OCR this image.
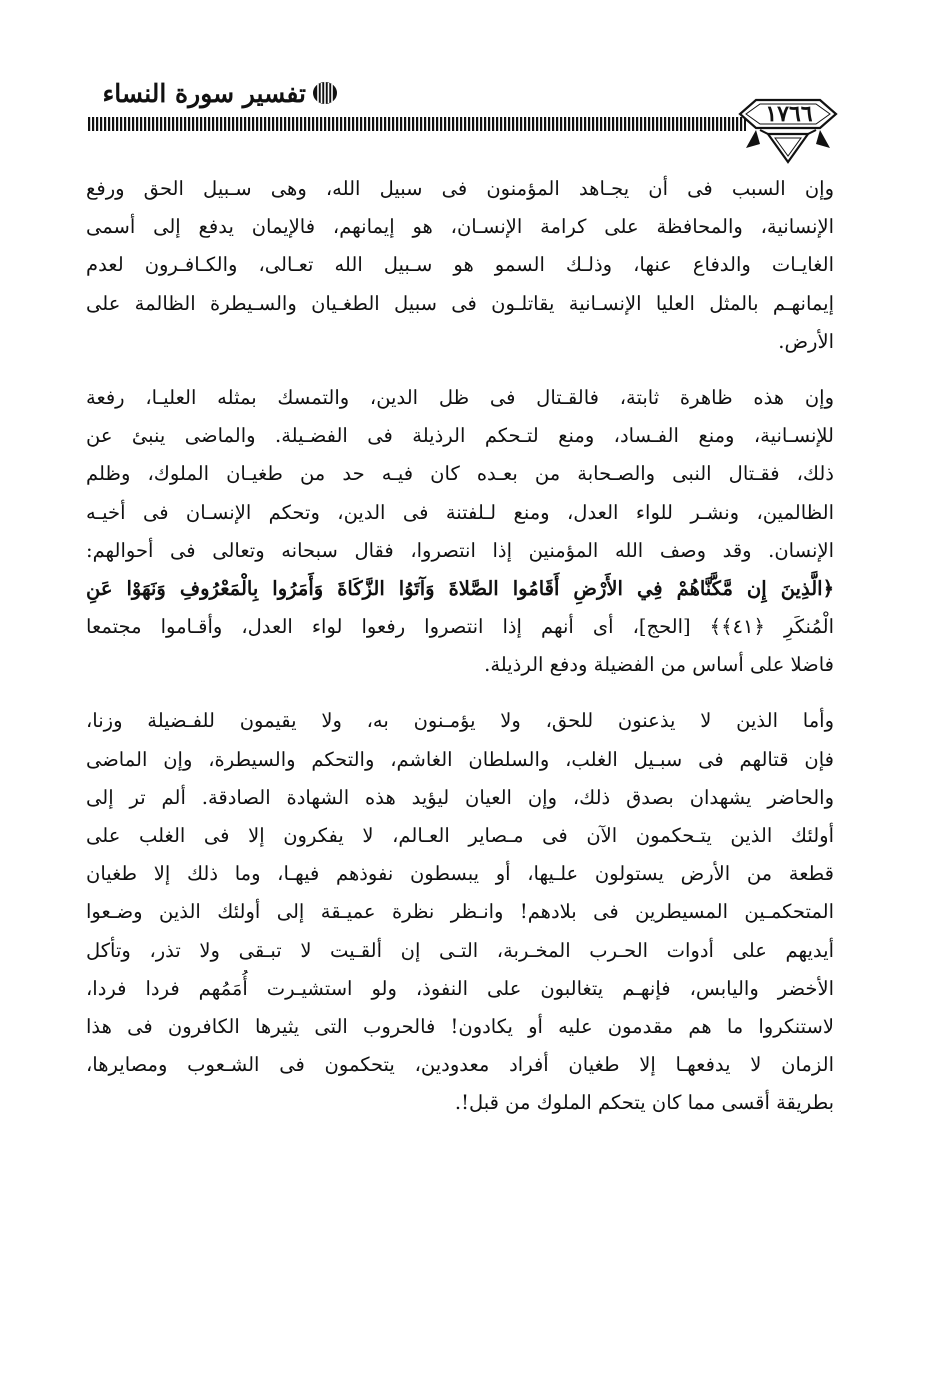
تفسير سورة النساء
١٧٦٦
وإن السبب فى أن يجـاهد المؤمنون فى سبيل الله، وهى سـبيل الحق ورفع
الإنسانية، والمحافظة على كرامة الإنسـان، هو إيمانهم، فالإيمان يدفع إلى أسمى
الغايـات والدفاع عنها، وذلـك السمو هو سـبيل الله تعـالى، والكـافـرون لعدم
إيمانهـم بالمثل العليا الإنسـانية يقاتلـون فى سبيل الطغـيان والسـيطرة الظالمة على
الأرض.
وإن هذه ظاهرة ثابتة، فالقـتال فى ظل الدين، والتمسك بمثله العليـا، رفعة
للإنسـانية، ومنع الفـساد، ومنع لتـحكم الرذيلة فى الفضـيلة. والماضى ينبئ عن
ذلك، فقـتال النبى والصـحابة من بعـده كان فيـه حد من طغيـان الملوك، وظلم
الظالمين، ونشـر للواء العدل، ومنع لـلفتنة فى الدين، وتحكم الإنسـان فى أخيـه
الإنسان. وقد وصف الله المؤمنين إذا انتصروا، فقال سبحانه وتعالى فى أحوالهم:
﴿الَّذِينَ إِن مَّكَّنَّاهُمْ فِي الأَرْضِ أَقَامُوا الصَّلاةَ وَآتَوُا الزَّكَاةَ وَأَمَرُوا بِالْمَعْرُوفِ وَنَهَوْا عَنِ
الْمُنكَرِ ﴿٤١﴾﴾ [الحج]، أى أنهم إذا انتصروا رفعوا لواء العدل، وأقـاموا مجتمعا
فاضلا على أساس من الفضيلة ودفع الرذيلة.
وأما الذين لا يذعنون للحق، ولا يؤمـنون به، ولا يقيمون للفـضيلة وزنا،
فإن قتالهم فى سبـيل الغلب، والسلطان الغاشم، والتحكم والسيطرة، وإن الماضى
والحاضر يشهدان بصدق ذلك، وإن العيان ليؤيد هذه الشهادة الصادقة. ألم تر إلى
أولئك الذين يتـحكمون الآن فى مـصاير العـالم، لا يفكرون إلا فى الغلب على
قطعة من الأرض يستولون علـيها، أو يبسطون نفوذهم فيهـا، وما ذلك إلا طغيان
المتحكمـين المسيطرين فى بلادهم! وانـظر نظرة عميـقة إلى أولئك الذين وضـعوا
أيديهم على أدوات الحـرب المخـربة، التـى إن ألقـيت لا تبـقى ولا تذر، وتأكل
الأخضر واليابس، فإنهـم يتغالبون على النفوذ، ولو استشيـرت أُمَمُهم فردا فردا،
لاستنكروا ما هم مقدمون عليه أو يكادون! فالحروب التى يثيرها الكافرون فى هذا
الزمان لا يدفعهـا إلا طغيان أفراد معدودين، يتحكمون فى الشـعوب ومصايرها،
بطريقة أقسى مما كان يتحكم الملوك من قبل!.
